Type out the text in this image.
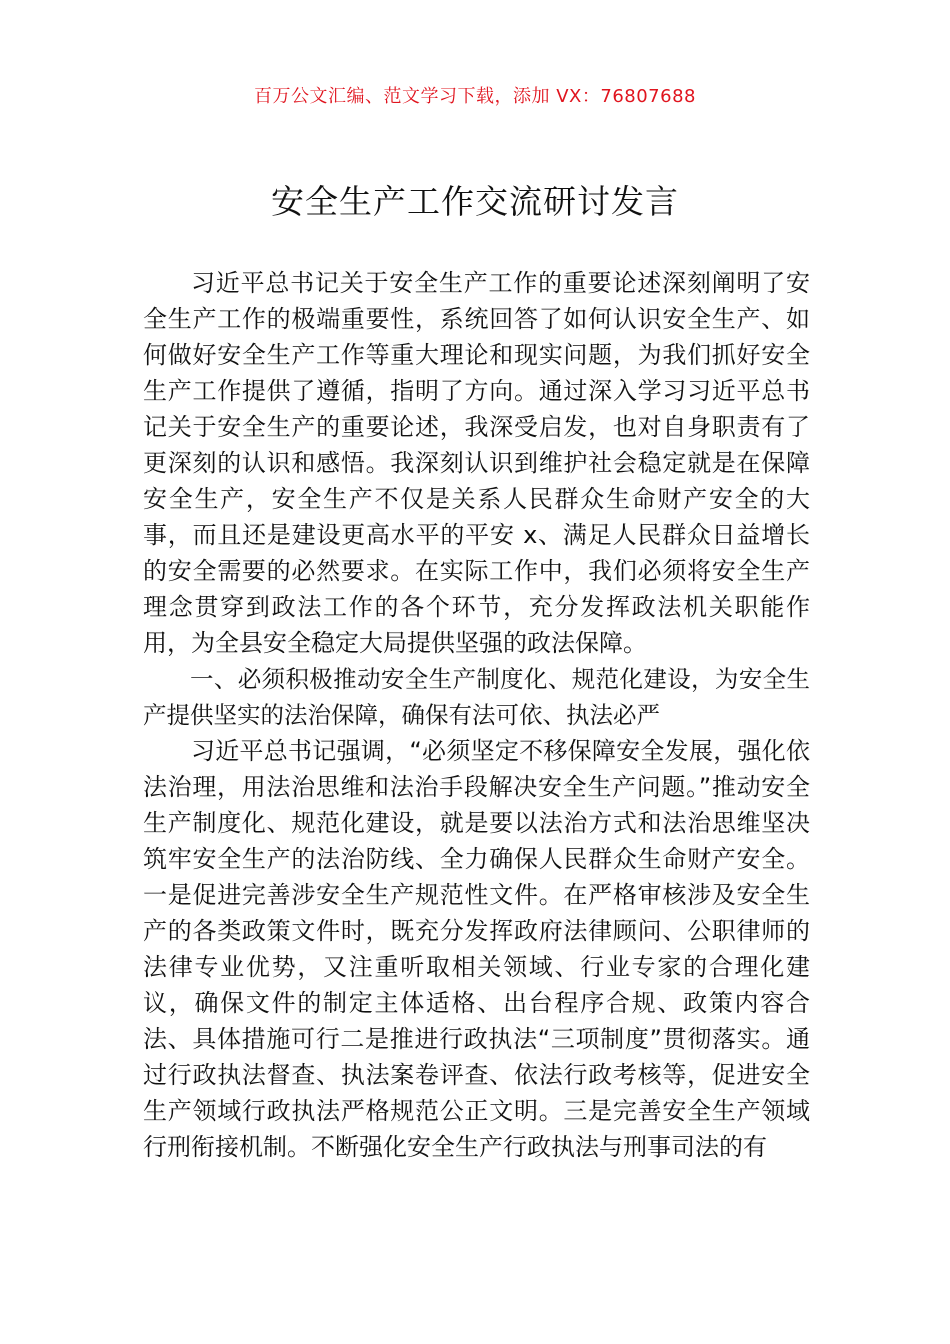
百万公文汇编、范文学习下载，添加 VX：76807688
安全生产工作交流研讨发言

习近平总书记关于安全生产工作的重要论述深刻阐明了安全生产工作的极端重要性，系统回答了如何认识安全生产、如何做好安全生产工作等重大理论和现实问题，为我们抓好安全生产工作提供了遵循，指明了方向。通过深入学习习近平总书记关于安全生产的重要论述，我深受启发，也对自身职责有了更深刻的认识和感悟。我深刻认识到维护社会稳定就是在保障安全生产，安全生产不仅是关系人民群众生命财产安全的大事，而且还是建设更高水平的平安 x、满足人民群众日益增长的安全需要的必然要求。在实际工作中，我们必须将安全生产理念贯穿到政法工作的各个环节，充分发挥政法机关职能作用，为全县安全稳定大局提供坚强的政法保障。

一、必须积极推动安全生产制度化、规范化建设，为安全生产提供坚实的法治保障，确保有法可依、执法必严

习近平总书记强调，“必须坚定不移保障安全发展，强化依法治理，用法治思维和法治手段解决安全生产问题。”推动安全生产制度化、规范化建设，就是要以法治方式和法治思维坚决筑牢安全生产的法治防线、全力确保人民群众生命财产安全。一是促进完善涉安全生产规范性文件。在严格审核涉及安全生产的各类政策文件时，既充分发挥政府法律顾问、公职律师的法律专业优势，又注重听取相关领域、行业专家的合理化建议，确保文件的制定主体适格、出台程序合规、政策内容合法、具体措施可行二是推进行政执法“三项制度”贯彻落实。通过行政执法督查、执法案卷评查、依法行政考核等，促进安全生产领域行政执法严格规范公正文明。三是完善安全生产领域行刑衔接机制。不断强化安全生产行政执法与刑事司法的有
